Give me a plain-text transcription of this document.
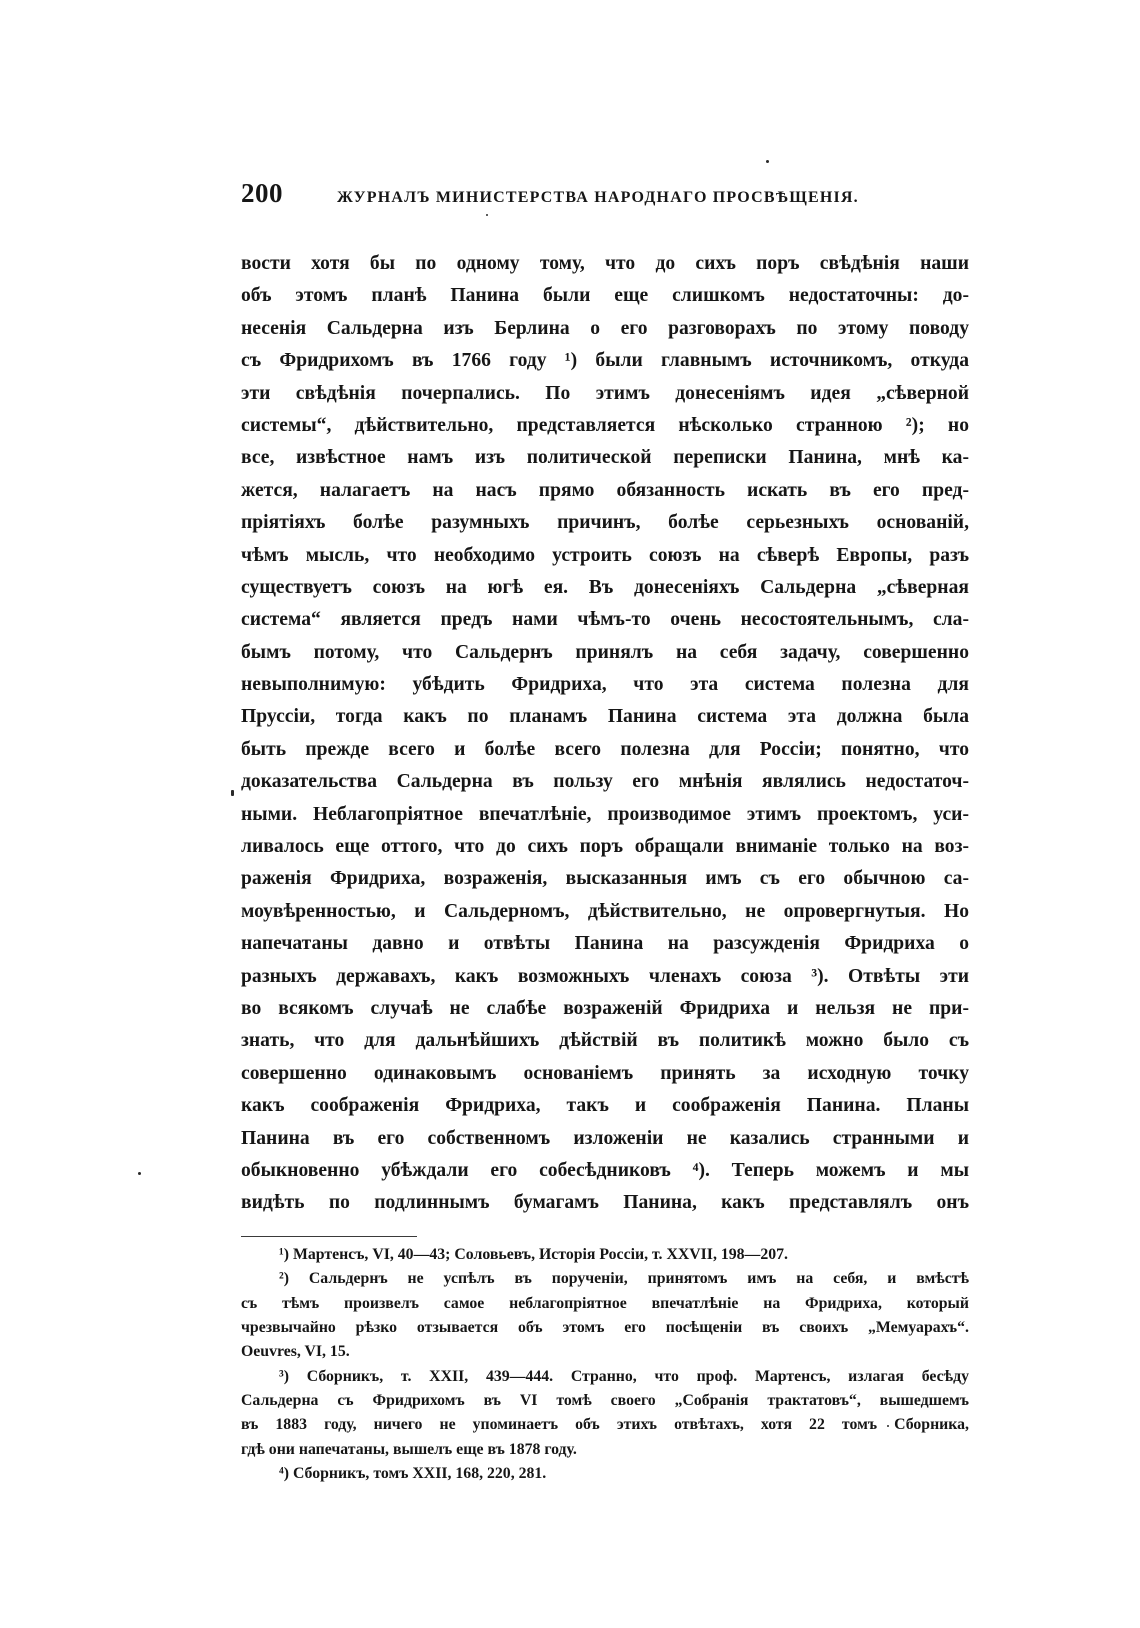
200	ЖУРНАЛЪ МИНИСТЕРСТВА НАРОДНАГО ПРОСВѢЩЕНІЯ.
вости хотя бы по одному тому, что до сихъ поръ свѣдѣнія наши
объ этомъ планѣ Панина были еще слишкомъ недостаточны: до-
несенія Сальдерна изъ Берлина о его разговорахъ по этому поводу
съ Фридрихомъ въ 1766 году ¹) были главнымъ источникомъ, откуда
эти свѣдѣнія почерпались. По этимъ донесеніямъ идея „сѣверной
системы“, дѣйствительно, представляется нѣсколько странною ²); но
все, извѣстное намъ изъ политической переписки Панина, мнѣ ка-
жется, налагаетъ на насъ прямо обязанность искать въ его пред-
пріятіяхъ болѣе разумныхъ причинъ, болѣе серьезныхъ основаній,
чѣмъ мысль, что необходимо устроить союзъ на сѣверѣ Европы, разъ
существуетъ союзъ на югѣ ея. Въ донесеніяхъ Сальдерна „сѣверная
система“ является предъ нами чѣмъ-то очень несостоятельнымъ, сла-
бымъ потому, что Сальдернъ принялъ на себя задачу, совершенно
невыполнимую: убѣдить Фридриха, что эта система полезна для
Пруссіи, тогда какъ по планамъ Панина система эта должна была
быть прежде всего и болѣе всего полезна для Россіи; понятно, что
доказательства Сальдерна въ пользу его мнѣнія являлись недостаточ-
ными. Неблагопріятное впечатлѣніе, производимое этимъ проектомъ, уси-
ливалось еще оттого, что до сихъ поръ обращали вниманіе только на воз-
раженія Фридриха, возраженія, высказанныя имъ съ его обычною са-
моувѣренностью, и Сальдерномъ, дѣйствительно, не опровергнутыя. Но
напечатаны давно и отвѣты Панина на разсужденія Фридриха о
разныхъ державахъ, какъ возможныхъ членахъ союза ³). Отвѣты эти
во всякомъ случаѣ не слабѣе возраженій Фридриха и нельзя не при-
знать, что для дальнѣйшихъ дѣйствій въ политикѣ можно было съ
совершенно одинаковымъ основаніемъ принять за исходную точку
какъ соображенія Фридриха, такъ и соображенія Панина. Планы
Панина въ его собственномъ изложеніи не казались странными и
обыкновенно убѣждали его собесѣдниковъ ⁴). Теперь можемъ и мы
видѣть по подлиннымъ бумагамъ Панина, какъ представлялъ онъ
¹) Мартенсъ, VI, 40—43; Соловьевъ, Исторія Россіи, т. XXVII, 198—207.
²) Сальдернъ не успѣлъ въ порученіи, принятомъ имъ на себя, и вмѣстѣ
съ тѣмъ произвелъ самое неблагопріятное впечатлѣніе на Фридриха, который
чрезвычайно рѣзко отзывается объ этомъ его посѣщеніи въ своихъ „Мемуарахъ“.
Oeuvres, VI, 15.
³) Сборникъ, т. XXII, 439—444. Странно, что проф. Мартенсъ, излагая бесѣду
Сальдерна съ Фридрихомъ въ VI томѣ своего „Собранія трактатовъ“, вышедшемъ
въ 1883 году, ничего не упоминаетъ объ этихъ отвѣтахъ, хотя 22 томъ Сборника,
гдѣ они напечатаны, вышелъ еще въ 1878 году.
⁴) Сборникъ, томъ XXII, 168, 220, 281.
